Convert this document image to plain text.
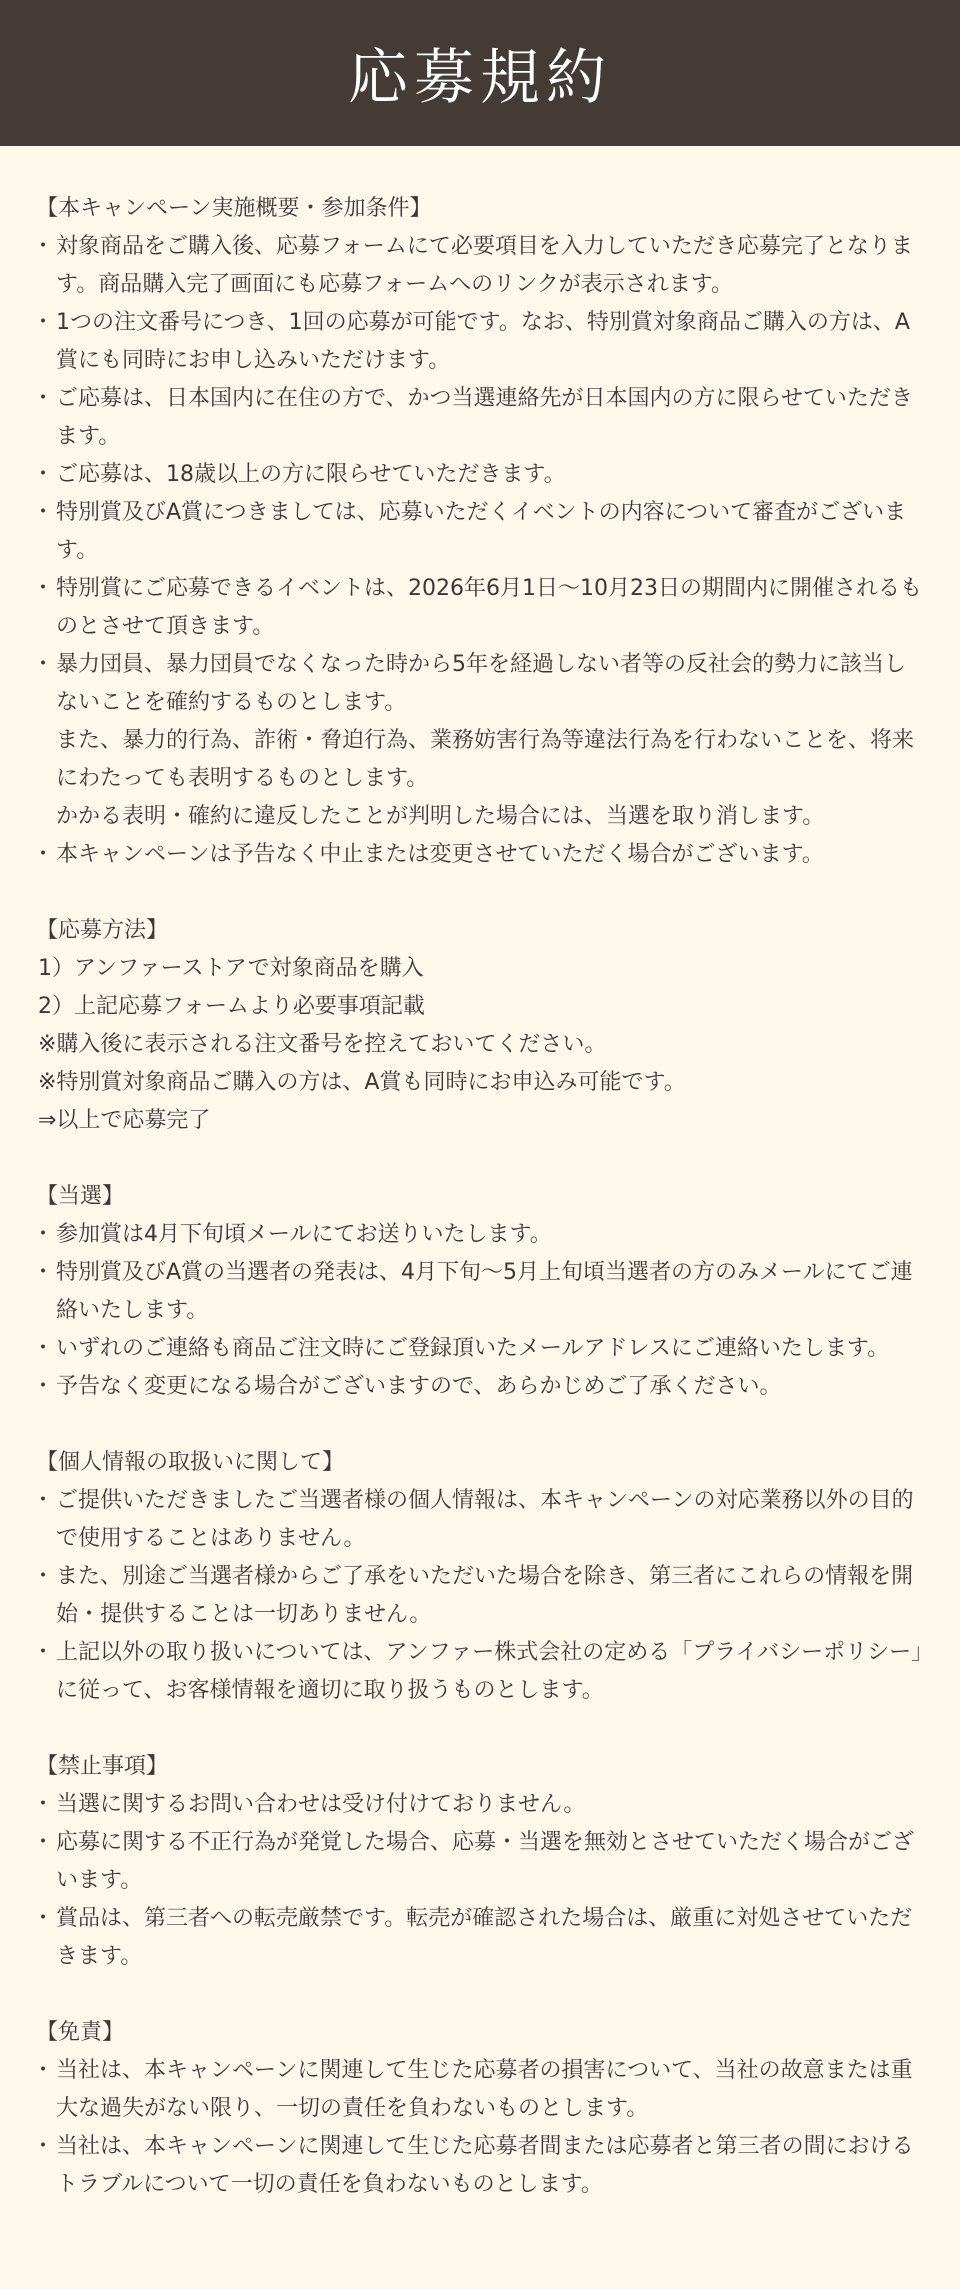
応募規約
【本キャンペーン実施概要・参加条件】
・ 対象商品をご購入後、応募フォームにて必要項目を入力していただき応募完了となります。商品購入完了画面にも応募フォームへのリンクが表示されます。
・ 1つの注文番号につき、1回の応募が可能です。なお、特別賞対象商品ご購入の方は、A賞にも同時にお申し込みいただけます。
・ ご応募は、日本国内に在住の方で、かつ当選連絡先が日本国内の方に限らせていただきます。
・ ご応募は、18歳以上の方に限らせていただきます。
・ 特別賞及びA賞につきましては、応募いただくイベントの内容について審査がございます。
・ 特別賞にご応募できるイベントは、2026年6月1日〜10月23日の期間内に開催されるものとさせて頂きます。
・ 暴力団員、暴力団員でなくなった時から5年を経過しない者等の反社会的勢力に該当しないことを確約するものとします。
また、暴力的行為、詐術・脅迫行為、業務妨害行為等違法行為を行わないことを、将来にわたっても表明するものとします。
かかる表明・確約に違反したことが判明した場合には、当選を取り消します。
・ 本キャンペーンは予告なく中止または変更させていただく場合がございます。
【応募方法】
1）アンファーストアで対象商品を購入
2）上記応募フォームより必要事項記載
※購入後に表示される注文番号を控えておいてください。
※特別賞対象商品ご購入の方は、A賞も同時にお申込み可能です。
⇒以上で応募完了
【当選】
・ 参加賞は4月下旬頃メールにてお送りいたします。
・ 特別賞及びA賞の当選者の発表は、4月下旬〜5月上旬頃当選者の方のみメールにてご連絡いたします。
・ いずれのご連絡も商品ご注文時にご登録頂いたメールアドレスにご連絡いたします。
・ 予告なく変更になる場合がございますので、あらかじめご了承ください。
【個人情報の取扱いに関して】
・ ご提供いただきましたご当選者様の個人情報は、本キャンペーンの対応業務以外の目的で使用することはありません。
・ また、別途ご当選者様からご了承をいただいた場合を除き、第三者にこれらの情報を開始・提供することは一切ありません。
・ 上記以外の取り扱いについては、アンファー株式会社の定める「プライバシーポリシー」に従って、お客様情報を適切に取り扱うものとします。
【禁止事項】
・ 当選に関するお問い合わせは受け付けておりません。
・ 応募に関する不正行為が発覚した場合、応募・当選を無効とさせていただく場合がございます。
・ 賞品は、第三者への転売厳禁です。転売が確認された場合は、厳重に対処させていただきます。
【免責】
・ 当社は、本キャンペーンに関連して生じた応募者の損害について、当社の故意または重大な過失がない限り、一切の責任を負わないものとします。
・ 当社は、本キャンペーンに関連して生じた応募者間または応募者と第三者の間におけるトラブルについて一切の責任を負わないものとします。
